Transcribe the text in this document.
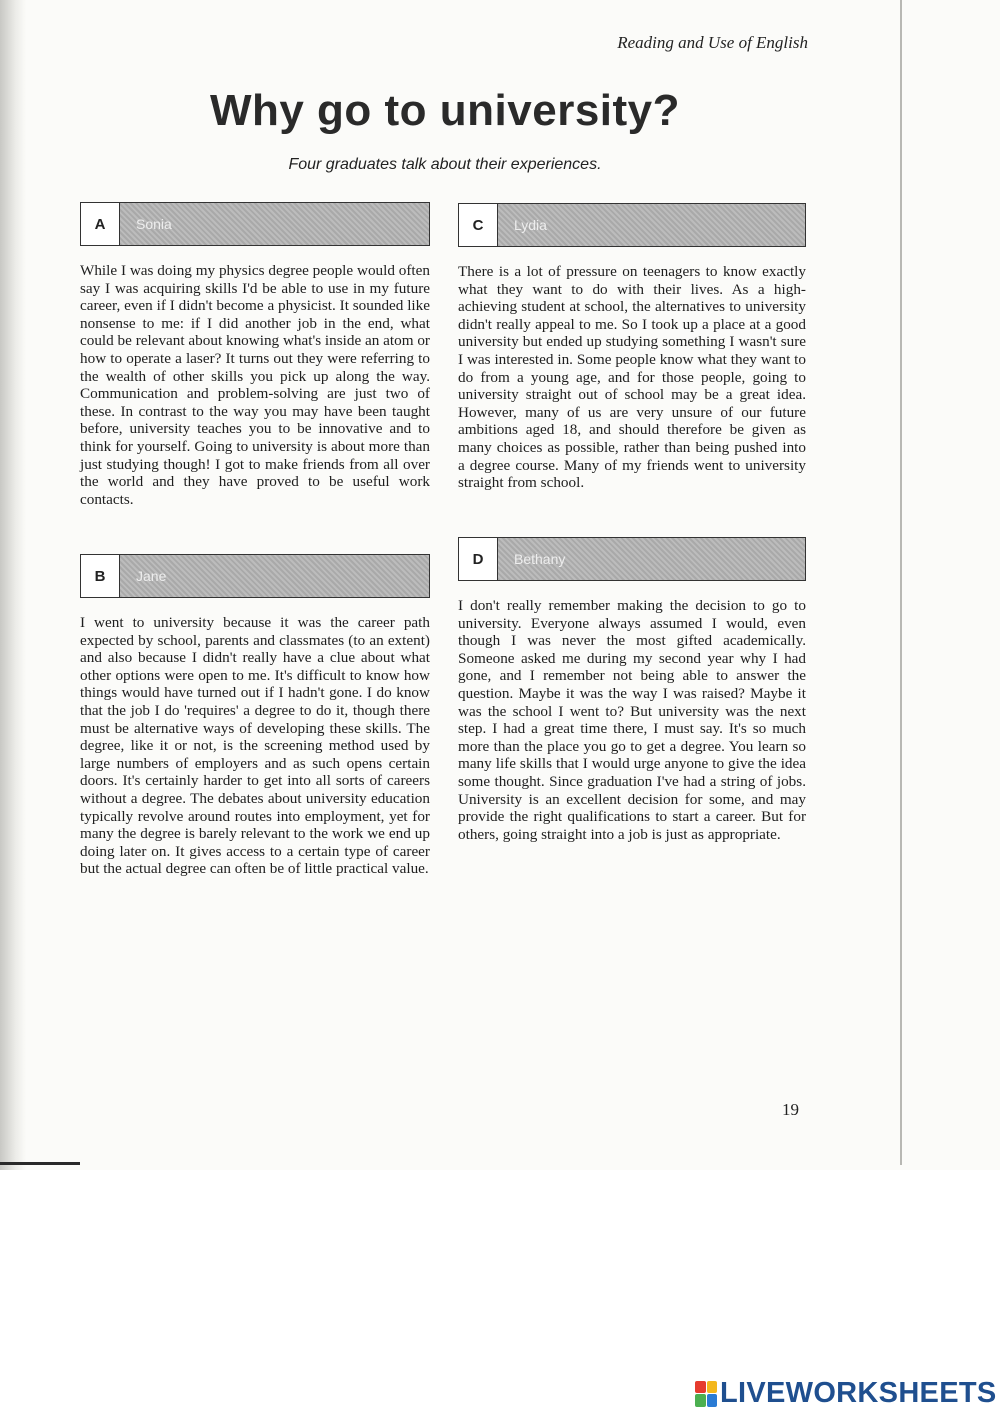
Reading and Use of English
Why go to university?
Four graduates talk about their experiences.
A	Sonia

While I was doing my physics degree people would often say I was acquiring skills I'd be able to use in my future career, even if I didn't become a physicist. It sounded like nonsense to me: if I did another job in the end, what could be relevant about knowing what's inside an atom or how to operate a laser? It turns out they were referring to the wealth of other skills you pick up along the way. Communication and problem-solving are just two of these. In contrast to the way you may have been taught before, university teaches you to be innovative and to think for yourself. Going to university is about more than just studying though! I got to make friends from all over the world and they have proved to be useful work contacts.

B	Jane

I went to university because it was the career path expected by school, parents and classmates (to an extent) and also because I didn't really have a clue about what other options were open to me. It's difficult to know how things would have turned out if I hadn't gone. I do know that the job I do 'requires' a degree to do it, though there must be alternative ways of developing these skills. The degree, like it or not, is the screening method used by large numbers of employers and as such opens certain doors. It's certainly harder to get into all sorts of careers without a degree. The debates about university education typically revolve around routes into employment, yet for many the degree is barely relevant to the work we end up doing later on. It gives access to a certain type of career but the actual degree can often be of little practical value.

C	Lydia

There is a lot of pressure on teenagers to know exactly what they want to do with their lives. As a high-achieving student at school, the alternatives to university didn't really appeal to me. So I took up a place at a good university but ended up studying something I wasn't sure I was interested in. Some people know what they want to do from a young age, and for those people, going to university straight out of school may be a great idea. However, many of us are very unsure of our future ambitions aged 18, and should therefore be given as many choices as possible, rather than being pushed into a degree course. Many of my friends went to university straight from school.

D	Bethany

I don't really remember making the decision to go to university. Everyone always assumed I would, even though I was never the most gifted academically. Someone asked me during my second year why I had gone, and I remember not being able to answer the question. Maybe it was the way I was raised? Maybe it was the school I went to? But university was the next step. I had a great time there, I must say. It's so much more than the place you go to get a degree. You learn so many life skills that I would urge anyone to give the idea some thought. Since graduation I've had a string of jobs. University is an excellent decision for some, and may provide the right qualifications to start a career. But for others, going straight into a job is just as appropriate.

19
LIVEWORKSHEETS
